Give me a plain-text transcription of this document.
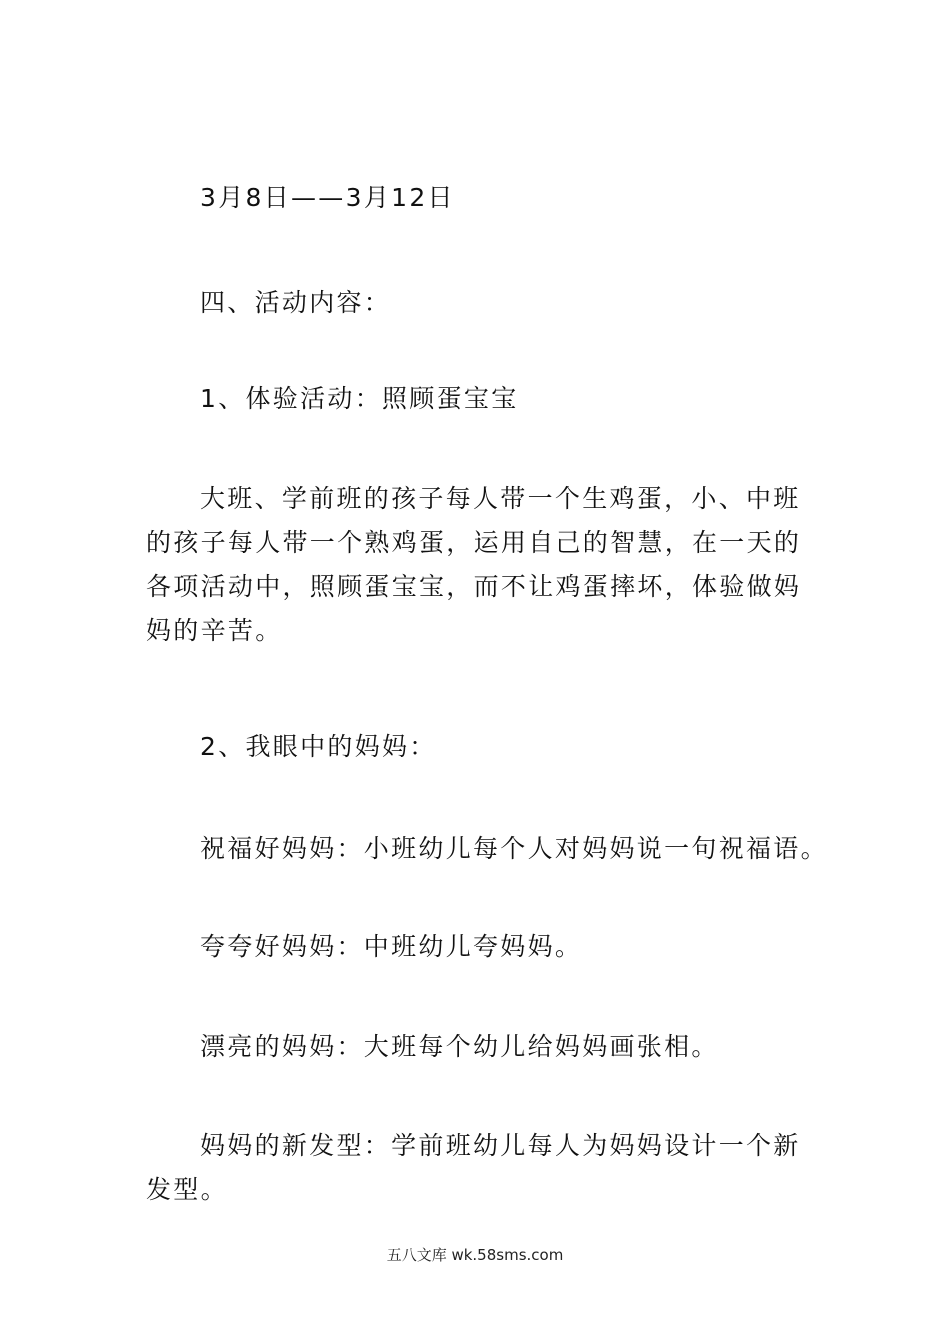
3月8日——3月12日

四、活动内容：

1、体验活动：照顾蛋宝宝

大班、学前班的孩子每人带一个生鸡蛋，小、中班的孩子每人带一个熟鸡蛋，运用自己的智慧，在一天的各项活动中，照顾蛋宝宝，而不让鸡蛋摔坏，体验做妈妈的辛苦。

2、我眼中的妈妈：

祝福好妈妈：小班幼儿每个人对妈妈说一句祝福语。

夸夸好妈妈：中班幼儿夸妈妈。

漂亮的妈妈：大班每个幼儿给妈妈画张相。

妈妈的新发型：学前班幼儿每人为妈妈设计一个新发型。

五八文库 wk.58sms.com
